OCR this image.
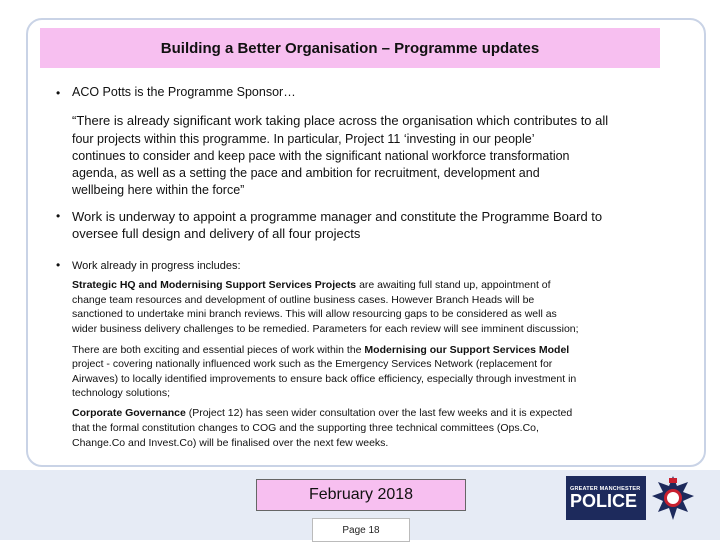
Building a Better Organisation – Programme updates
• ACO Potts is the Programme Sponsor…
“There is already significant work taking place across the organisation which contributes to all
four projects within this programme. In particular, Project 11 ‘investing in our people’
continues to consider and keep pace with the significant national workforce transformation
agenda, as well as a setting the pace and ambition for recruitment, development and
wellbeing here within the force”
• Work is underway to appoint a programme manager and constitute the Programme Board to
oversee full design and delivery of all four projects
• Work already in progress includes:
Strategic HQ and Modernising Support Services Projects are awaiting full stand up, appointment of
change team resources and development of outline business cases. However Branch Heads will be
sanctioned to undertake mini branch reviews. This will allow resourcing gaps to be considered as well as
wider business delivery challenges to be remedied. Parameters for each review will see imminent discussion;
There are both exciting and essential pieces of work within the Modernising our Support Services Model
project - covering nationally influenced work such as the Emergency Services Network (replacement for
Airwaves) to locally identified improvements to ensure back office efficiency, especially through investment in
technology solutions;
Corporate Governance (Project 12) has seen wider consultation over the last few weeks and it is expected
that the formal constitution changes to COG and the supporting three technical committees (Ops.Co,
Change.Co and Invest.Co) will be finalised over the next few weeks.
February 2018
Page 18
GREATER MANCHESTER
POLICE
